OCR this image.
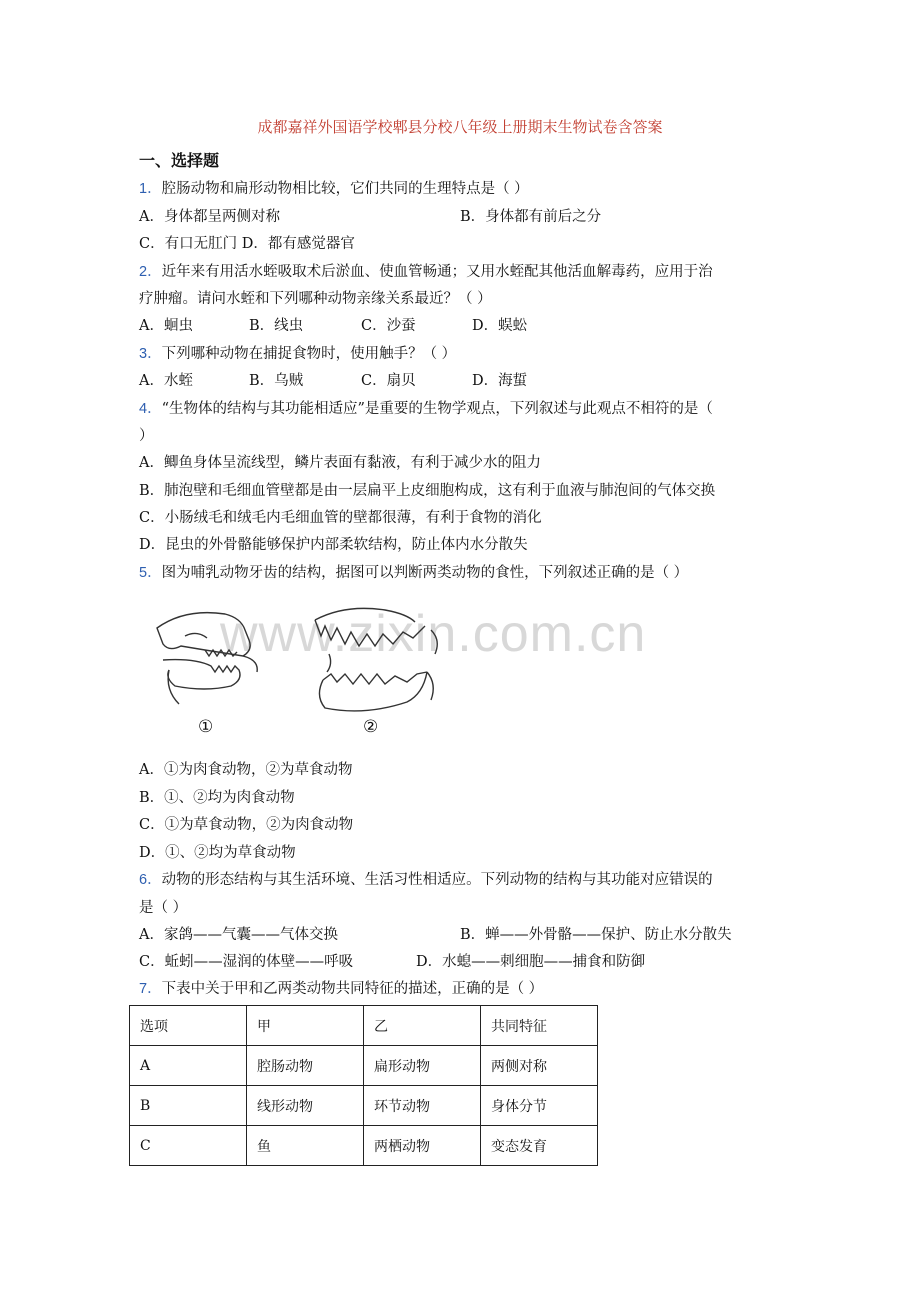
成都嘉祥外国语学校郫县分校八年级上册期末生物试卷含答案
一、选择题
www.zixin.com.cn
1．腔肠动物和扁形动物相比较，它们共同的生理特点是（ ）
A．身体都呈两侧对称	B．身体都有前后之分
C．有口无肛门 D．都有感觉器官
2．近年来有用活水蛭吸取术后淤血、使血管畅通；又用水蛭配其他活血解毒药，应用于治
疗肿瘤。请问水蛭和下列哪种动物亲缘关系最近？（ ）
A．蛔虫	B．线虫	C．沙蚕	D．蜈蚣
3．下列哪种动物在捕捉食物时，使用触手？（ ）
A．水蛭	B．乌贼	C．扇贝	D．海蜇
4．“生物体的结构与其功能相适应”是重要的生物学观点，下列叙述与此观点不相符的是（
）
A．鲫鱼身体呈流线型，鳞片表面有黏液，有利于减少水的阻力
B．肺泡壁和毛细血管壁都是由一层扁平上皮细胞构成，这有利于血液与肺泡间的气体交换
C．小肠绒毛和绒毛内毛细血管的壁都很薄，有利于食物的消化
D．昆虫的外骨骼能够保护内部柔软结构，防止体内水分散失
5．图为哺乳动物牙齿的结构，据图可以判断两类动物的食性，下列叙述正确的是（ ）
①	②
A．①为肉食动物，②为草食动物
B．①、②均为肉食动物
C．①为草食动物，②为肉食动物
D．①、②均为草食动物
6．动物的形态结构与其生活环境、生活习性相适应。下列动物的结构与其功能对应错误的
是（ ）
A．家鸽——气囊——气体交换	B．蝉——外骨骼——保护、防止水分散失
C．蚯蚓——湿润的体壁——呼吸	D．水螅——刺细胞——捕食和防御
7．下表中关于甲和乙两类动物共同特征的描述，正确的是（ ）
选项	甲	乙	共同特征
A	腔肠动物	扁形动物	两侧对称
B	线形动物	环节动物	身体分节
C	鱼	两栖动物	变态发育
